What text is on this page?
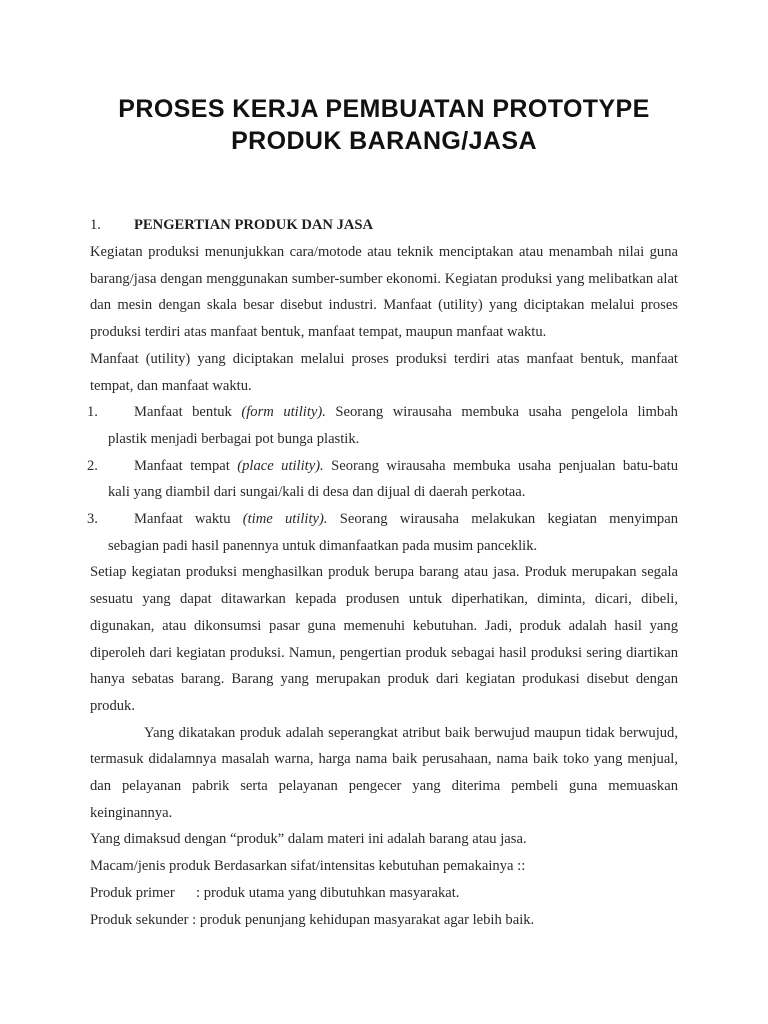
PROSES KERJA PEMBUATAN PROTOTYPE
PRODUK BARANG/JASA

1.	PENGERTIAN PRODUK DAN JASA

Kegiatan produksi menunjukkan cara/motode atau teknik menciptakan atau menambah nilai guna barang/jasa dengan menggunakan sumber-sumber ekonomi. Kegiatan produksi yang melibatkan alat dan mesin dengan skala besar disebut industri. Manfaat (utility) yang diciptakan melalui proses produksi terdiri atas manfaat bentuk, manfaat tempat, maupun manfaat waktu.

Manfaat (utility) yang diciptakan melalui proses produksi terdiri atas manfaat bentuk, manfaat tempat, dan manfaat waktu.

1.	Manfaat bentuk (form utility). Seorang wirausaha membuka usaha pengelola limbah
plastik menjadi berbagai pot bunga plastik.
2.	Manfaat tempat (place utility). Seorang wirausaha membuka usaha penjualan batu-batu
kali yang diambil dari sungai/kali di desa dan dijual di daerah perkotaa.
3.	Manfaat waktu (time utility). Seorang wirausaha melakukan kegiatan menyimpan
sebagian padi hasil panennya untuk dimanfaatkan pada musim panceklik.

Setiap kegiatan produksi menghasilkan produk berupa barang atau jasa. Produk merupakan segala sesuatu yang dapat ditawarkan kepada produsen untuk diperhatikan, diminta, dicari, dibeli, digunakan, atau dikonsumsi pasar guna memenuhi kebutuhan. Jadi, produk adalah hasil yang diperoleh dari kegiatan produksi. Namun, pengertian produk sebagai hasil produksi sering diartikan hanya sebatas barang. Barang yang merupakan produk dari kegiatan produkasi disebut dengan produk.

Yang dikatakan produk adalah seperangkat atribut baik berwujud maupun tidak berwujud, termasuk didalamnya masalah warna, harga nama baik perusahaan, nama baik toko yang menjual, dan pelayanan pabrik serta pelayanan pengecer yang diterima pembeli guna memuaskan keinginannya.

Yang dimaksud dengan “produk” dalam materi ini adalah barang atau jasa.

Macam/jenis produk Berdasarkan sifat/intensitas kebutuhan pemakainya ::

Produk primer : produk utama yang dibutuhkan masyarakat.

Produk sekunder : produk penunjang kehidupan masyarakat agar lebih baik.
